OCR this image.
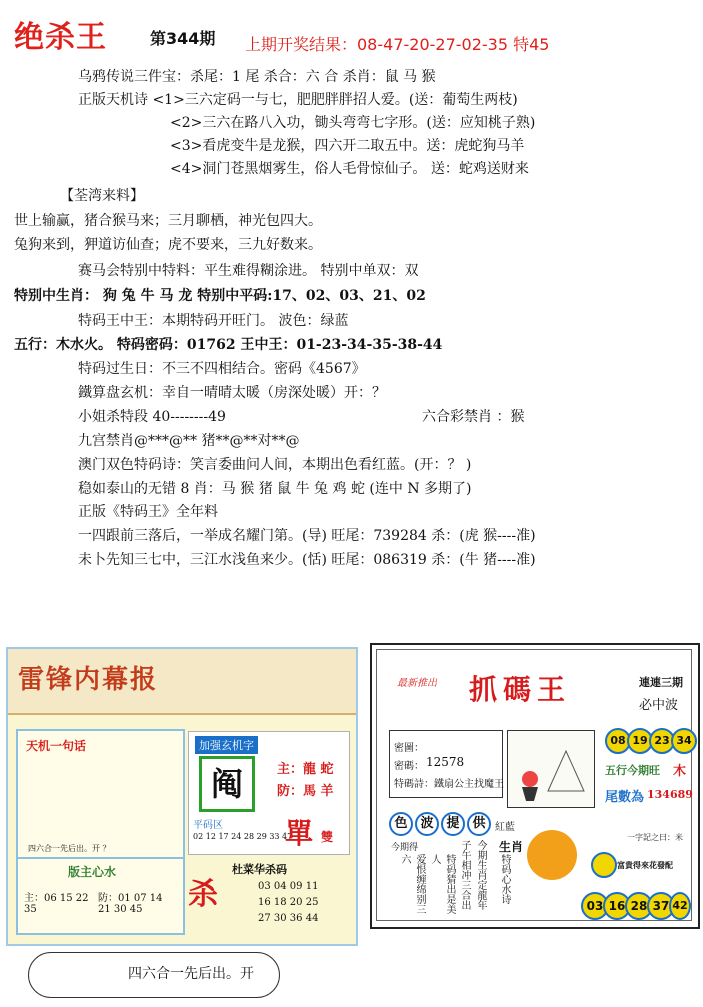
绝杀王	第344期 上期开奖结果：08-47-20-27-02-35 特45
乌鸦传说三件宝：杀尾：1 尾 杀合：六 合 杀肖：鼠 马 猴
正版天机诗 <1>三六定码一与七，肥肥胖胖招人爱。(送：葡萄生两枝)
<2>三六在路八入功，锄头弯弯七字形。(送：应知桃子熟)
<3>看虎变牛是龙猴，四六开二取五中。送：虎蛇狗马羊
<4>洞门苍黑烟雾生，俗人毛骨惊仙子。 送：蛇鸡送财来
【荃湾来料】
世上输赢，猪合猴马来；三月聊栖，神光包四大。
兔狗来到，狎道访仙查；虎不要来，三九好数来。
赛马会特别中特料：平生难得糊涂进。 特别中单双：双
特别中生肖： 狗 兔 牛 马 龙 特别中平码:17、02、03、21、02
特码王中王：本期特码开旺门。 波色：绿蓝
五行：木水火。 特码密码：01762 王中王：01-23-34-35-38-44
特码过生日：不三不四相结合。密码《4567》
鐵算盘玄机：幸自一晴晴太暖（房深处暖）开：？
小姐杀特段 40--------49	六合彩禁肖 ：猴
九宫禁肖@***@** 猪**@**对**@
澳门双色特码诗：笑言委曲问人间，本期出色看红蓝。(开：？ )
稳如泰山的无错 8 肖：马 猴 猪 鼠 牛 兔 鸡 蛇 (连中 N 多期了)
正版《特码王》全年料
一四跟前三落后，一举成名耀门第。(导) 旺尾：739284 杀：(虎 猴----准)
未卜先知三七中，三江水浅鱼来少。(恬) 旺尾：086319 杀：(牛 猪----准)
雷锋内幕报
天机一句话
四六合一先后出。开 ？
加强玄机字
阄	主：龍 蛇
防：馬 羊
平码区
02 12 17 24 28 29 33 47
單 雙
版主心水
主：06 15 22 35
防：01 07 14 21 30 45	杀
杜菜华杀码
03 04 09 11
16 18 20 25
27 30 36 44
最新推出 抓碼王	連連三期
必中波
08 19 23 34
密圖：
密碼： 12578
特碼詩： 鐵扇公主找魔王
五行今期旺 木
尾數為 134689
色 波 提 供 紅藍
今期得	生肖
爱恨缠绵别三六	特码猜出是美人	子午相冲三合出 今期生肖定龍年 特码心水诗
一字記之曰：米
富貴得來花發配
03 16 28 37 42
四六合一先后出。开
